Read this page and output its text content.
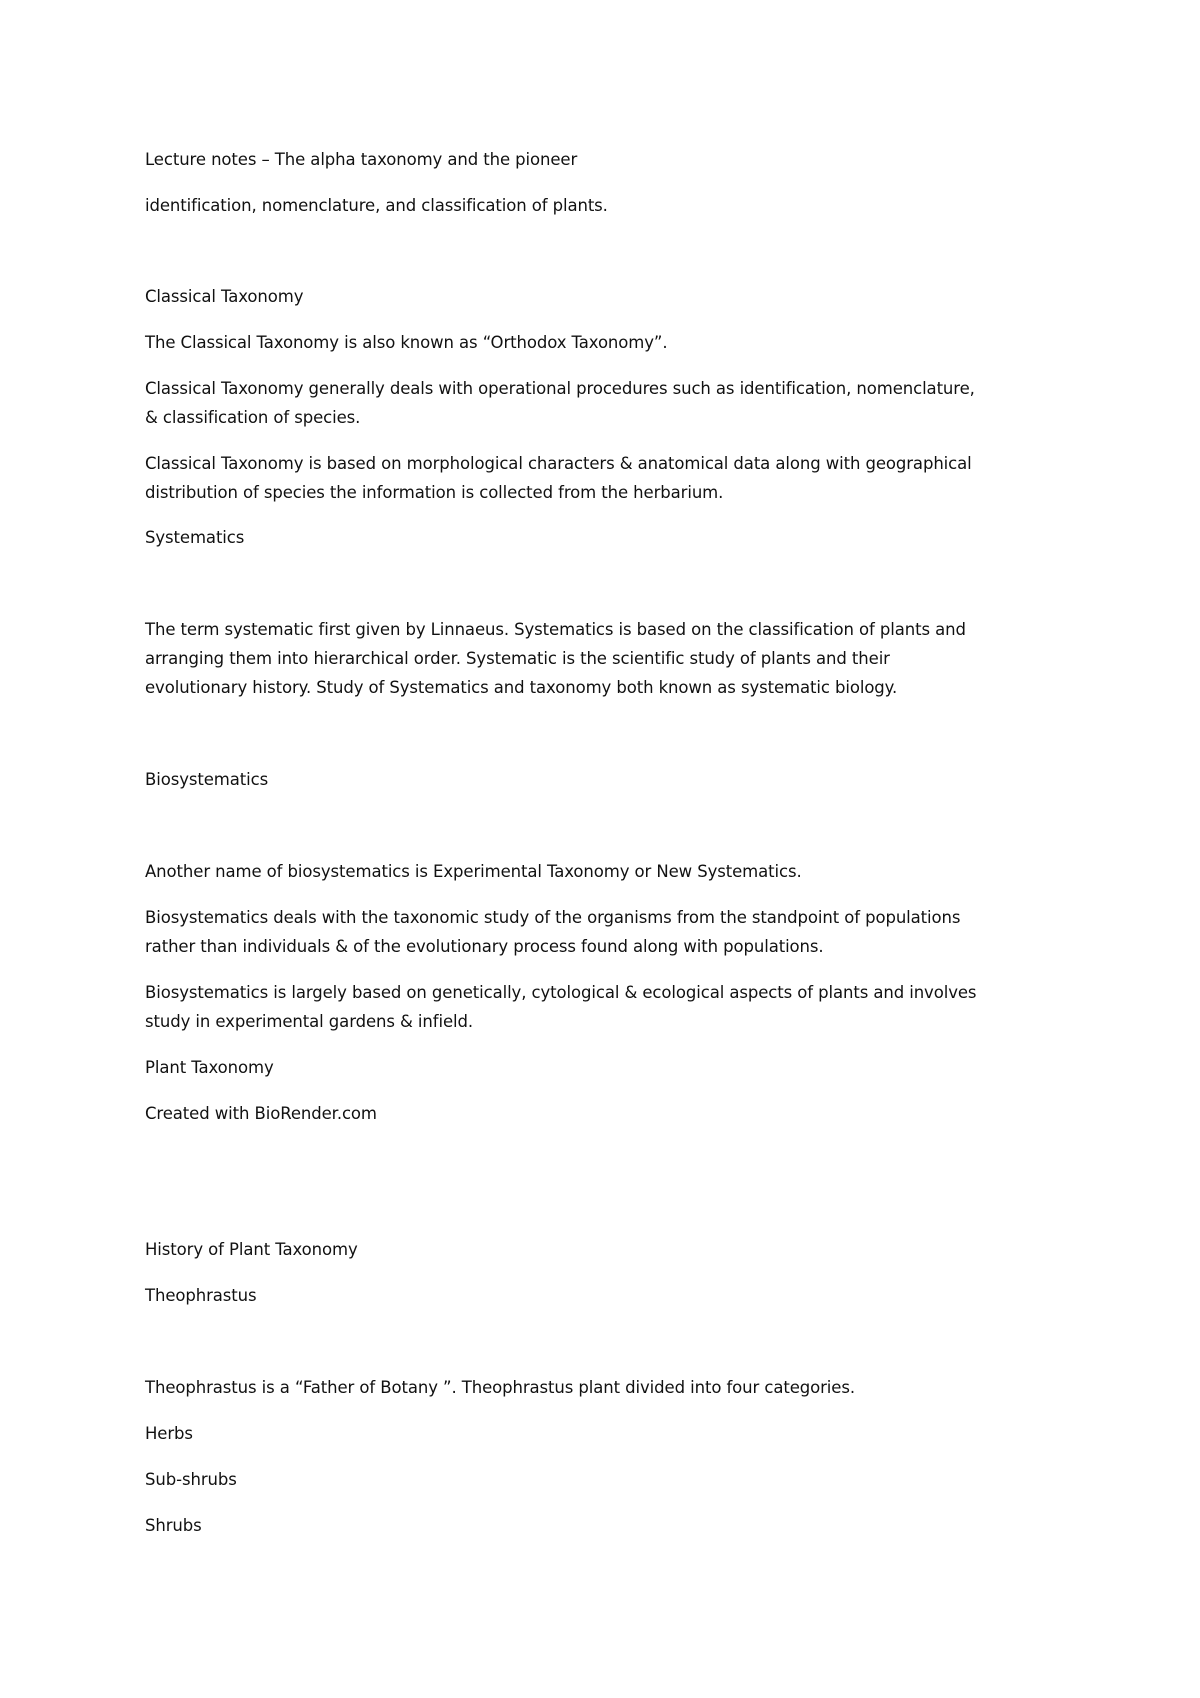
Lecture notes – The alpha taxonomy and the pioneer
identification, nomenclature, and classification of plants.
Classical Taxonomy
The Classical Taxonomy is also known as “Orthodox Taxonomy”.
Classical Taxonomy generally deals with operational procedures such as identification, nomenclature,
& classification of species.
Classical Taxonomy is based on morphological characters & anatomical data along with geographical
distribution of species the information is collected from the herbarium.
Systematics
The term systematic first given by Linnaeus. Systematics is based on the classification of plants and
arranging them into hierarchical order. Systematic is the scientific study of plants and their
evolutionary history. Study of Systematics and taxonomy both known as systematic biology.
Biosystematics
Another name of biosystematics is Experimental Taxonomy or New Systematics.
Biosystematics deals with the taxonomic study of the organisms from the standpoint of populations
rather than individuals & of the evolutionary process found along with populations.
Biosystematics is largely based on genetically, cytological & ecological aspects of plants and involves
study in experimental gardens & infield.
Plant Taxonomy
Created with BioRender.com
History of Plant Taxonomy
Theophrastus
Theophrastus is a “Father of Botany ”. Theophrastus plant divided into four categories.
Herbs
Sub-shrubs
Shrubs
